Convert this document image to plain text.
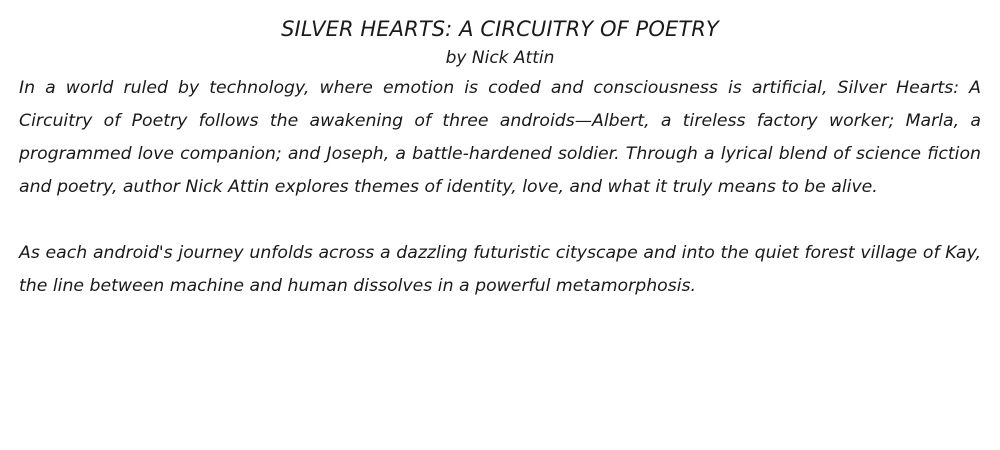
SILVER HEARTS: A CIRCUITRY OF POETRY
by Nick Attin

In a world ruled by technology, where emotion is coded and consciousness is artificial, Silver Hearts: A Circuitry of Poetry follows the awakening of three androids—Albert, a tireless factory worker; Marla, a programmed love companion; and Joseph, a battle-hardened soldier. Through a lyrical blend of science fiction and poetry, author Nick Attin explores themes of identity, love, and what it truly means to be alive.

As each android's journey unfolds across a dazzling futuristic cityscape and into the quiet forest village of Kay, the line between machine and human dissolves in a powerful metamorphosis.
